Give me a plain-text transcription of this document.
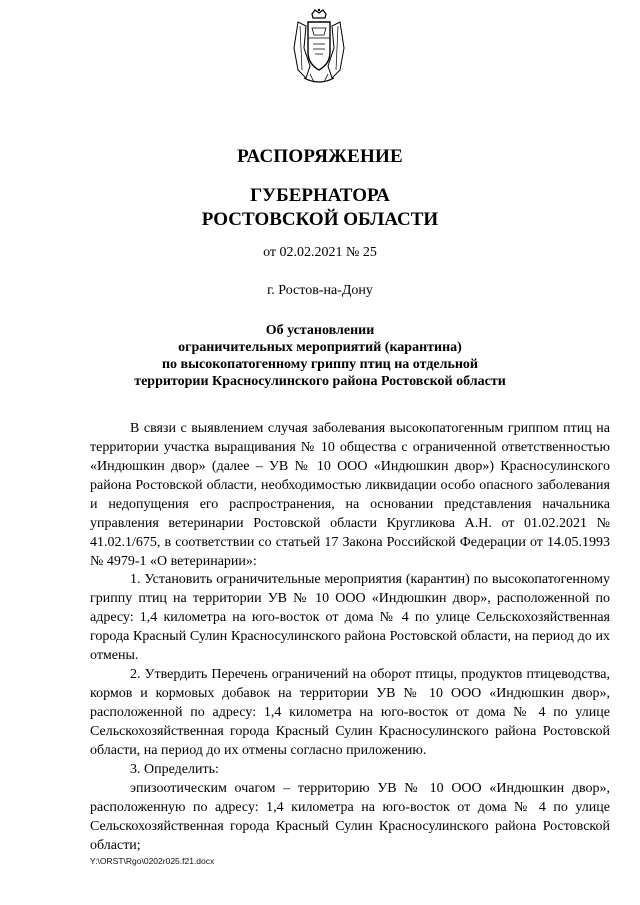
РАСПОРЯЖЕНИЕ
ГУБЕРНАТОРА
РОСТОВСКОЙ ОБЛАСТИ
от 02.02.2021 № 25
г. Ростов-на-Дону
Об установлении
ограничительных мероприятий (карантина)
по высокопатогенному гриппу птиц на отдельной
территории Красносулинского района Ростовской области

В связи с выявлением случая заболевания высокопатогенным гриппом птиц на территории участка выращивания № 10 общества с ограниченной ответственностью «Индюшкин двор» (далее – УВ № 10 ООО «Индюшкин двор») Красносулинского района Ростовской области, необходимостью ликвидации особо опасного заболевания и недопущения его распространения, на основании представления начальника управления ветеринарии Ростовской области Кругликова А.Н. от 01.02.2021 № 41.02.1/675, в соответствии со статьей 17 Закона Российской Федерации от 14.05.1993 № 4979-1 «О ветеринарии»:

1. Установить ограничительные мероприятия (карантин) по высокопатогенному гриппу птиц на территории УВ № 10 ООО «Индюшкин двор», расположенной по адресу: 1,4 километра на юго-восток от дома № 4 по улице Сельскохозяйственная города Красный Сулин Красносулинского района Ростовской области, на период до их отмены.

2. Утвердить Перечень ограничений на оборот птицы, продуктов птицеводства, кормов и кормовых добавок на территории УВ № 10 ООО «Индюшкин двор», расположенной по адресу: 1,4 километра на юго-восток от дома № 4 по улице Сельскохозяйственная города Красный Сулин Красносулинского района Ростовской области, на период до их отмены согласно приложению.

3. Определить:

эпизоотическим очагом – территорию УВ № 10 ООО «Индюшкин двор», расположенную по адресу: 1,4 километра на юго-восток от дома № 4 по улице Сельскохозяйственная города Красный Сулин Красносулинского района Ростовской области;

Y:\ORST\Rgo\0202r025.f21.docx
